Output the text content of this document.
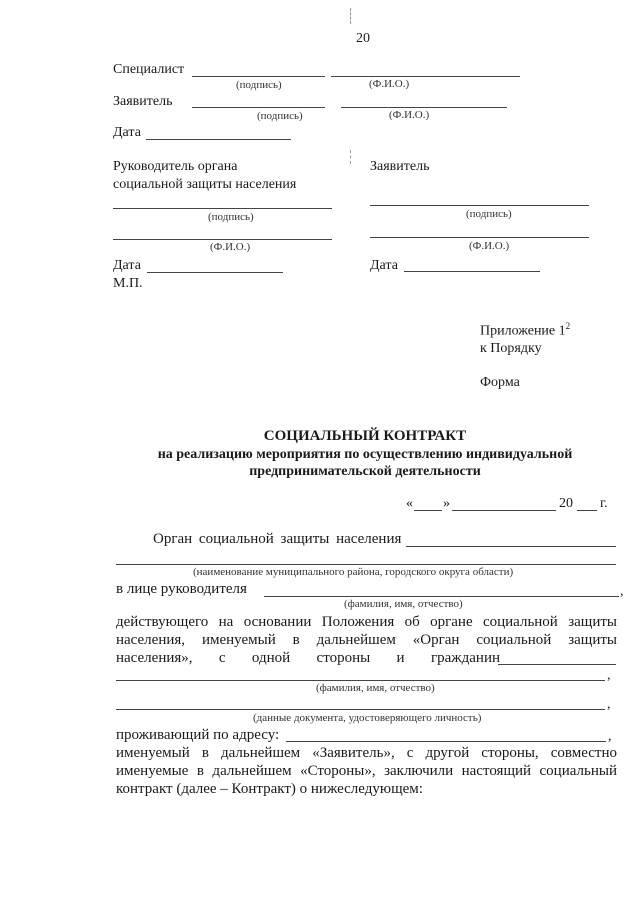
20
Специалист
(подпись)	(Ф.И.О.)
Заявитель
(подпись)	(Ф.И.О.)
Дата
Руководитель органа
социальной защиты населения
Заявитель
(подпись)	(подпись)
(Ф.И.О.)	(Ф.И.О.)
Дата	Дата
М.П.
Приложение $1^2$
к Порядку
Форма
СОЦИАЛЬНЫЙ КОНТРАКТ
на реализацию мероприятия по осуществлению индивидуальной
предпринимательской деятельности
« »	20 г.
Орган социальной защиты населения
(наименование муниципального района, городского округа области)
в лице руководителя	,
(фамилия, имя, отчество)
действующего на основании Положения об органе социальной защиты
населения, именуемый в дальнейшем «Орган социальной защиты
населения», с одной стороны и гражданин
,
(фамилия, имя, отчество)
,
(данные документа, удостоверяющего личность)
проживающий по адресу:	,
именуемый в дальнейшем «Заявитель», с другой стороны, совместно
именуемые в дальнейшем «Стороны», заключили настоящий социальный
контракт (далее – Контракт) о нижеследующем:
